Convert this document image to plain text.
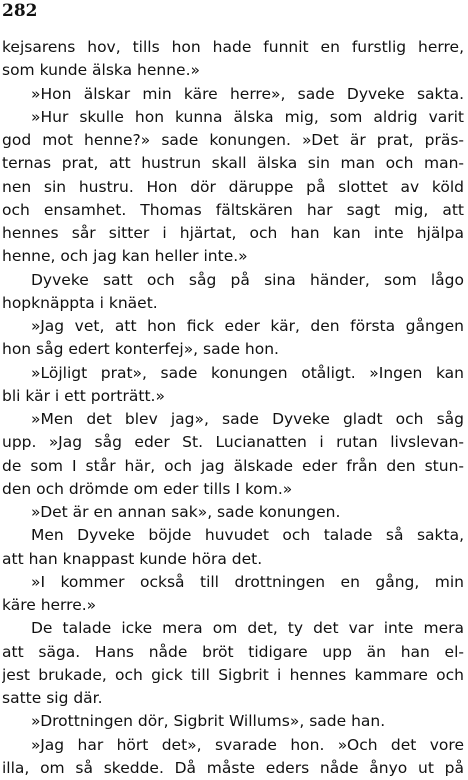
282
kejsarens hov, tills hon hade funnit en furstlig herre,
som kunde älska henne.»
»Hon älskar min käre herre», sade Dyveke sakta.
»Hur skulle hon kunna älska mig, som aldrig varit
god mot henne?» sade konungen. »Det är prat, präs-
ternas prat, att hustrun skall älska sin man och man-
nen sin hustru. Hon dör däruppe på slottet av köld
och ensamhet. Thomas fältskären har sagt mig, att
hennes sår sitter i hjärtat, och han kan inte hjälpa
henne, och jag kan heller inte.»
Dyveke satt och såg på sina händer, som lågo
hopknäppta i knäet.
»Jag vet, att hon fick eder kär, den första gången
hon såg edert konterfej», sade hon.
»Löjligt prat», sade konungen otåligt. »Ingen kan
bli kär i ett porträtt.»
»Men det blev jag», sade Dyveke gladt och såg
upp. »Jag såg eder St. Lucianatten i rutan livslevan-
de som I står här, och jag älskade eder från den stun-
den och drömde om eder tills I kom.»
»Det är en annan sak», sade konungen.
Men Dyveke böjde huvudet och talade så sakta,
att han knappast kunde höra det.
»I kommer också till drottningen en gång, min
käre herre.»
De talade icke mera om det, ty det var inte mera
att säga. Hans nåde bröt tidigare upp än han el-
jest brukade, och gick till Sigbrit i hennes kammare och
satte sig där.
»Drottningen dör, Sigbrit Willums», sade han.
»Jag har hört det», svarade hon. »Och det vore
illa, om så skedde. Då måste eders nåde ånyo ut på
